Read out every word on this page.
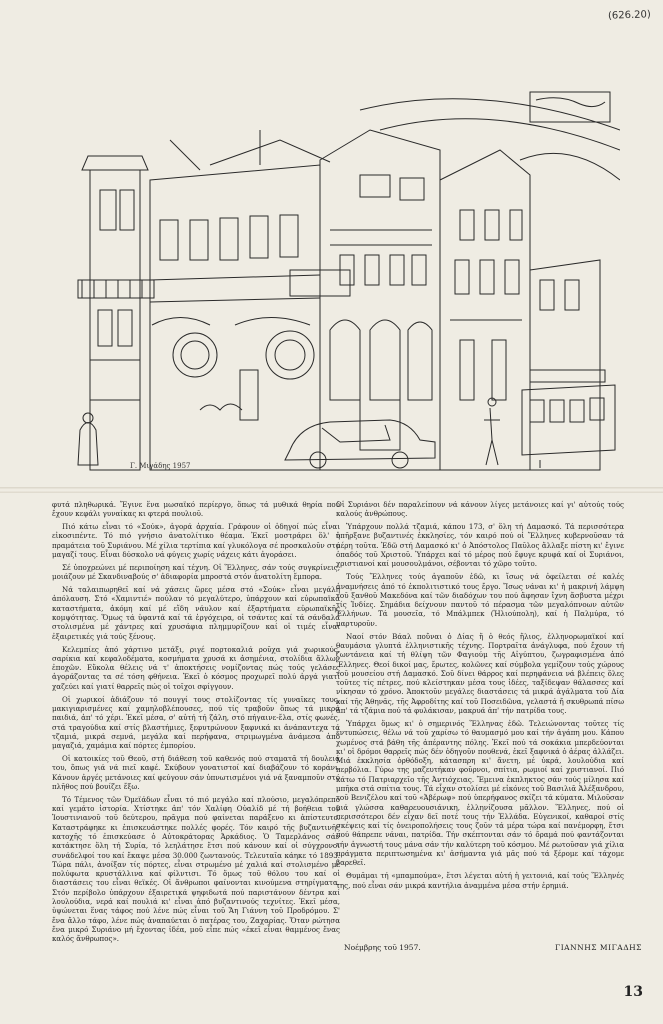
(626.20)
Γ. Μιγάδης 1957

φυτά πληθωρικά. Ἔγινε ἕνα μωσαϊκό περίεργο, ὅπως τά μυθικά θηρία πού ἔχουν κεφάλι γυναίκας κι φτερά πουλιοῦ.

Πιό κάτω εἶναι τό «Σούκ», ἀγορά ἀρχαία. Γράφουν οἱ ὁδηγοί πώς εἶναι εἰκοσιπέντε. Τό πιό γνήσιο ἀνατολίτικο θέαμα. Ἐκεῖ μοστράρει ὅλ' ἡ πραμάτεια τοῦ Συριάνου. Μέ χίλια τερτίπια καί γλυκόλογα σέ προσκαλοῦν στό μαγαζί τους. Εἶναι δύσκολο νά φύγεις χωρίς νάχεις κάτι ἀγοράσει.

Σέ ὑποχρεώνει μέ περιποίηση καί τέχνη. Οἱ Ἕλληνες, σάν τούς συγκρίνεις, μοιάζουν μέ Σκανδιναβούς σ' ἀδιαφορία μπροστά στόν ἀνατολίτη ἔμπορα.

Νά ταλαιπωρηθεῖ καί νά χάσεις ὥρες μέσα στό «Σούκ» εἶναι μεγάλη ἀπόλαυση. Στό «Χαμιντιέ» πούλαν τό μεγαλύτερο, ὑπάρχουν καί εὐρωπαϊκά καταστήματα, ἀκόμη καί μέ εἴδη νάυλον καί ἐξαρτήματα εὐρωπαϊκῆς κομψότητας. Ὅμως τά ὑφαντά καί τά ἐργόχειρα, οἱ τσάντες καί τά σάνδαλα στολισμένα μέ χάντρες καί χρυσάφια πλημμυρίζουν καί οἱ τιμές εἶναι ἐξαιρετικές γιά τούς ξένους.

Κελεμπίες ἀπό χάρτινο μετάξι, ριγέ πορτοκαλιά ροῦχα γιά χωρικούς, σαρίκια καί κεφαλοδέματα, κοσμήματα χρυσά κι ἀσημένια, στολίδια ἄλλων ἐποχῶν. Εὔκολα θέλεις νά τ' ἀποκτήσεις νομίζοντας πώς τούς γελάσες ἀγοράζοντας τα σέ τόση φθήνεια. Ἐκεῖ ὁ κόσμος προχωρεῖ πολύ ἀργά γιατί χαζεύει καί γιατί θαρρεῖς πώς οἱ τοῖχοι σφίγγουν.

Οἱ χωρικοί ἀδιάζουν τό πουγγί τους στολίζοντας τίς γυναῖκες τους, μακιγιαρισμένες καί χαμηλοβλέπουσες, πού τίς τραβοῦν ὅπως τά μικρά παιδιά, ἀπ' τό χέρι. Ἐκεῖ μέσα, σ' αὐτή τή ζάλη, στό πήγαινε-ἔλα, στίς φωνές, στά τραγούδια καί στίς βλαστήμιες, ξεφυτρώνουν ξαφνικά κι ἀνάπαντεχα τά τζαμιά, μικρά σεμνά, μεγάλα καί περήφανα, στριμωγμένα ἀνάμεσα ἀπό μαγαζιά, χαμάμια καί πόρτες ἐμπορίου.

Οἱ κατοικίες τοῦ Θεοῦ, στή διάθεση τοῦ καθενός πού σταματᾶ τή δουλειά του, ὅπως γιά νά πιεῖ καφέ. Σκύβουν γονατιστοί καί διαβάζουν τό κοράνι. Κάνουν ἀργές μετάνοιες καί φεύγουν σάν ὑπνωτισμένοι γιά νά ξαναμποῦν στό πλῆθος πού βουίζει ἔξω.

Τό Τέμενος τῶν Ὀμεϊάδων εἶναι τό πιό μεγάλο καί πλούσιο, μεγαλόπρεπο καί γεμάτο ἱστορία. Χτίστηκε ἀπ' τόν Χαλίφη Οὐαλίδ μέ τή βοήθεια τοῦ Ἰουστινιανοῦ τοῦ δεύτερου, πρᾶγμα πού φαίνεται παράξενο κι ἀπίστευτο. Καταστράφηκε κι ἐπισκευάστηκε πολλές φορές. Τόν καιρό τῆς βυζαντινῆς κατοχῆς τό ἐπισκεύασε ὁ Αὐτοκράτορας Ἀρκάδιος. Ὁ Ταμερλάνος σάν κατάκτησε ὅλη τή Συρία, τό λεηλάτησε ἔτσι πού κάνουν καί οἱ σύγχρονοι συνάδελφοί του καί ἔκαψε μέσα 30.000 ζωντανούς. Τελευταῖα κάηκε τό 1893. Τώρα πάλι, ἀνοίξαν τίς πόρτες, εἶναι στρωμένο μέ χαλιά καί στολισμένο μέ πολύφωτα κρυστάλλινα καί φίλντισι. Τό ὅμως τοῦ θόλου του καί οἱ διαστάσεις του εἶναι θεϊκές. Οἱ ἄνθρωποι φαίνονται κινούμενα στηρίγματα. Στόν περίβολο ὑπάρχουν ἐξαιρετικά ψηφιδωτά πού παριστάνουν δέντρα καί λουλούδια, νερά καί πουλιά κι' εἶναι ἀπό βυζαντινούς τεχνίτες. Ἐκεῖ μέσα, ὑψώνεται ἕνας τάφος πού λένε πώς εἶναι τοῦ Ἅη Γιάννη τοῦ Προδρόμου. Σ' ἕνα ἄλλο τάφο, λένε πώς ἀναπαύεται ὁ πατέρας του, Ζαχαρίας. Ὅταν ρώτησα ἕνα μικρό Συριάνο μή ἔχοντας ἰδέα, μοῦ εἶπε πώς «ἐκεῖ εἶναι θαμμένος ἕνας καλός ἄνθρωπος».

Οἱ Συριάνοι δέν παραλείπουν νά κάνουν λίγες μετάνοιες καί γι' αὐτούς τούς καλούς ἀνθρώπους.

Ὑπάρχουν πολλά τζαμιά, κάπου 173, σ' ὅλη τή Δαμασκό. Τά περισσότερα ὑπῆρξανε βυζαντινές ἐκκλησίες, τόν καιρό πού οἱ Ἕλληνες κυβερνοῦσαν τά μέρη τοῦτα. Ἐδῶ στή Δαμασκό κι' ὁ Ἀπόστολος Παῦλος ἄλλαξε πίστη κι' ἔγινε ὀπαδός τοῦ Χριστοῦ. Ὑπάρχει καί τό μέρος πού ἔφυγε κρυφά καί οἱ Συριάνοι, χριστιανοί καί μουσουλμάνοι, σέβονται τό χῶρο τοῦτο.

Τούς Ἕλληνες τούς ἀγαποῦν ἐδῶ, κι ἴσως νά ὀφείλεται σέ καλές ἀναμνήσεις ἀπό τό ἐκπολιτιστικό τους ἔργο. Ἴσως νάναι κι' ἡ μακρινή λάμψη τοῦ ξανθοῦ Μακεδόνα καί τῶν διαδόχων του πού ἄφησαν ἴχνη ἄσβυστα μέχρι τίς Ἰνδίες. Σημάδια δείχνουν παντοῦ τό πέρασμα τῶν μεγαλόπνοων αὐτῶν Ἑλλήνων. Τά μουσεῖα, τό Μπάλμπεκ (Ἡλιούπολη), καί ἡ Παλμύρα, τό μαρτυροῦν.

Ναοί στόν Βάαλ ποὔναι ὁ Δίας ἤ ὁ θεός ἥλιος, ἑλληνορωμαϊκοί καί θαυμάσια γλυπτά ἑλληνιστικῆς τέχνης. Πορτραῖτα ἀνάγλυφα, πού ἔχουν τή ζωντάνεια καί τή θλίψη τῶν Φαγιούμ τῆς Αἰγύπτου, ζωγραφισμένα ἀπό Ἕλληνες. Θεοί δικοί μας, ἔρωτες, κολῶνες καί σύμβολα γεμίζουν τούς χώρους τοῦ μουσείου στή Δαμασκό. Σοῦ δίνει θάρρος καί περηφάνεια νά βλέπεις ὅλες τοῦτες τίς πέτρες, πού κλείστηκαν μέσα τους ἰδέες, ταξίδεψαν θάλασσες καί νίκησαν τό χρόνο. Ἀποκτοῦν μεγάλες διαστάσεις τά μικρά ἀγάλματα τοῦ Δία καί τῆς Ἀθηνᾶς, τῆς Ἀφροδίτης καί τοῦ Ποσειδῶνα, γελαστά ἤ σκυθρωπά πίσω ἀπ' τά τζάμια πού τά φυλάκισαν, μακρυά ἀπ' τήν πατρίδα τους.

Ὑπάρχει ὅμως κι' ὁ σημερινός Ἕλληνας ἐδῶ. Τελειώνοντας τοῦτες τίς ἐντυπώσεις, θέλω νά τοῦ χαρίσω τό θαυμασμό μου καί τήν ἀγάπη μου. Κάπου χωμένος στά βάθη τῆς ἀπέραντης πόλης. Ἐκεῖ πού τά σοκάκια μπερδεύονται κι' οἱ δρόμοι θαρρεῖς πώς δέν ὁδηγοῦν πουθενά, ἐκεῖ ξαφνικά ὁ ἀέρας ἀλλάζει. Μιά ἐκκλησία ὀρθόδοξη, κάτασπρη κι' ἄνετη, μέ ὑκρά, λουλούδια καί περβόλια. Γύρω της μαζευτήκαν φοῦρνοι, σπίτια, ρωμιοί καί χριστιανοί. Πιό κάτω τό Πατριαρχεῖο τῆς Ἀντιόχειας. Ἔμεινα ἐκπληκτος σάν τούς μίλησα καί μπῆκα στά σπίτια τους. Τά εἶχαν στολίσει μέ εἰκόνες τοῦ Βασιλιᾶ Ἀλέξανδρου, τοῦ Βενιζέλου καί τοῦ «Ἀβέρωφ» πού ὑπερήφανος σκίζει τά κύματα. Μιλοῦσαν μιά γλώσσα καθαρευουσιάνικη, ἑλληνίζουσα μᾶλλον. Ἕλληνες, πού οἱ περισσότεροι δέν εἶχαν δεῖ ποτέ τους τήν Ἑλλάδα. Εὐγενικοί, καθαροί στίς σκέψεις καί τίς ὀνειροπολήσεις τους ζοῦν τά μέρα τώρα καί πανέμορφη, ἔτσι πού θάπρεπε νάναι, πατρίδα. Τήν σκέπτονται σάν τό ὄραμά πού φαντάζονται τήν ἀγνωστή τους μάνα σάν τήν καλύτερη τοῦ κόσμου. Μέ ρωτοῦσαν γιά χίλια πράγματα περιπτωσημένα κι' ἀσήμαντα γιά μᾶς πού τά ξέρομε καί τάχομε βαρεθεῖ.

Θυμᾶμαι τή «μπαμπούμα», ἔτσι λέγεται αὐτή ἡ γειτονιά, καί τούς Ἕλληνές της, πού εἶναι σάν μικρά καντήλια ἀναμμένα μέσα στήν ἐρημιά.

Νοέμβρης τοῦ 1957.	ΓΙΑΝΝΗΣ ΜΙΓΑΔΗΣ
13
